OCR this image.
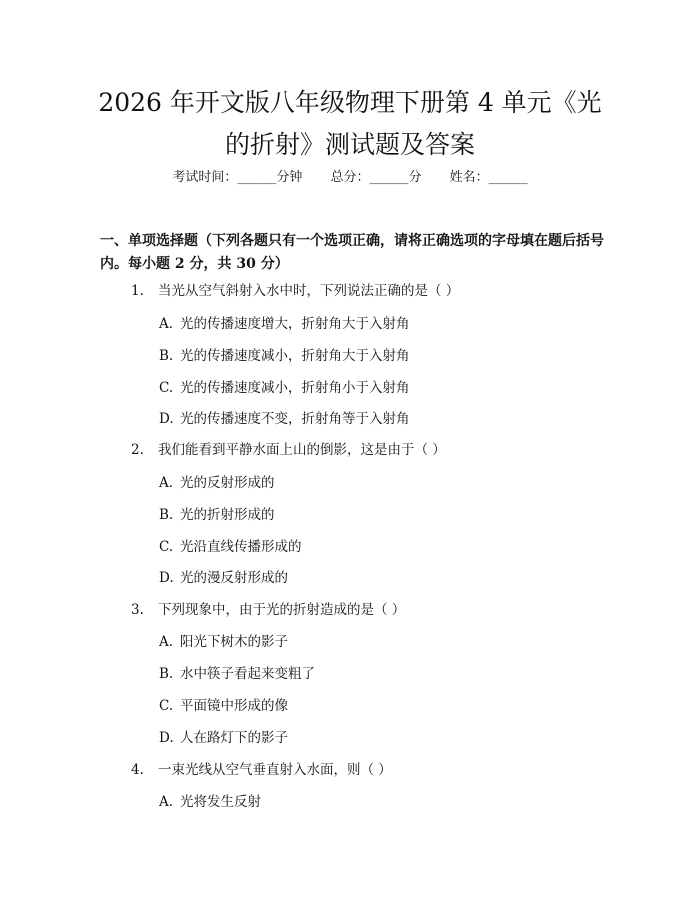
2026 年开文版八年级物理下册第 4 单元《光的折射》测试题及答案
考试时间：______分钟 总分：______分 姓名：______

一、单项选择题（下列各题只有一个选项正确，请将正确选项的字母填在题后括号内。每小题 2 分，共 30 分）

1. 当光从空气斜射入水中时，下列说法正确的是（ ）
A. 光的传播速度增大，折射角大于入射角
B. 光的传播速度减小，折射角大于入射角
C. 光的传播速度减小，折射角小于入射角
D. 光的传播速度不变，折射角等于入射角
2. 我们能看到平静水面上山的倒影，这是由于（ ）
A. 光的反射形成的
B. 光的折射形成的
C. 光沿直线传播形成的
D. 光的漫反射形成的
3. 下列现象中，由于光的折射造成的是（ ）
A. 阳光下树木的影子
B. 水中筷子看起来变粗了
C. 平面镜中形成的像
D. 人在路灯下的影子
4. 一束光线从空气垂直射入水面，则（ ）
A. 光将发生反射
